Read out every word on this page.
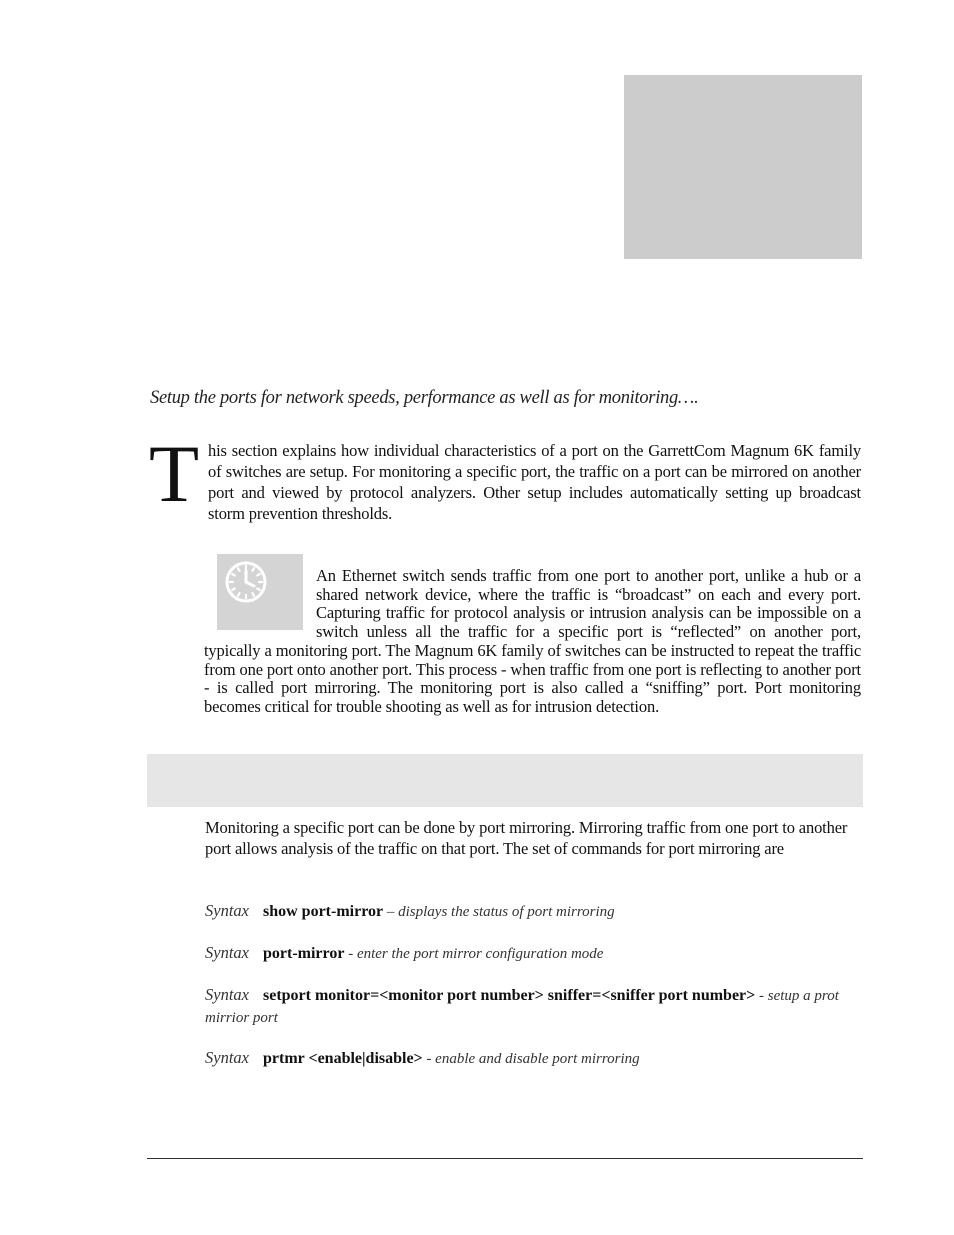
Setup the ports for network speeds, performance as well as for monitoring….
T his section explains how individual characteristics of a port on the GarrettCom Magnum 6K family of switches are setup. For monitoring a specific port, the traffic on a port can be mirrored on another port and viewed by protocol analyzers. Other setup includes automatically setting up broadcast storm prevention thresholds.

An Ethernet switch sends traffic from one port to another port, unlike a hub or a shared network device, where the traffic is “broadcast” on each and every port. Capturing traffic for protocol analysis or intrusion analysis can be impossible on a switch unless all the traffic for a specific port is “reflected” on another port, typically a monitoring port. The Magnum 6K family of switches can be instructed to repeat the traffic from one port onto another port. This process - when traffic from one port is reflecting to another port - is called port mirroring. The monitoring port is also called a “sniffing” port. Port monitoring becomes critical for trouble shooting as well as for intrusion detection.

Monitoring a specific port can be done by port mirroring. Mirroring traffic from one port to another port allows analysis of the traffic on that port. The set of commands for port mirroring are
Syntax show port-mirror – displays the status of port mirroring
Syntax port-mirror - enter the port mirror configuration mode
Syntax setport monitor=<monitor port number> sniffer=<sniffer port number> - setup a prot mirrior port
Syntax prtmr <enable|disable> - enable and disable port mirroring
